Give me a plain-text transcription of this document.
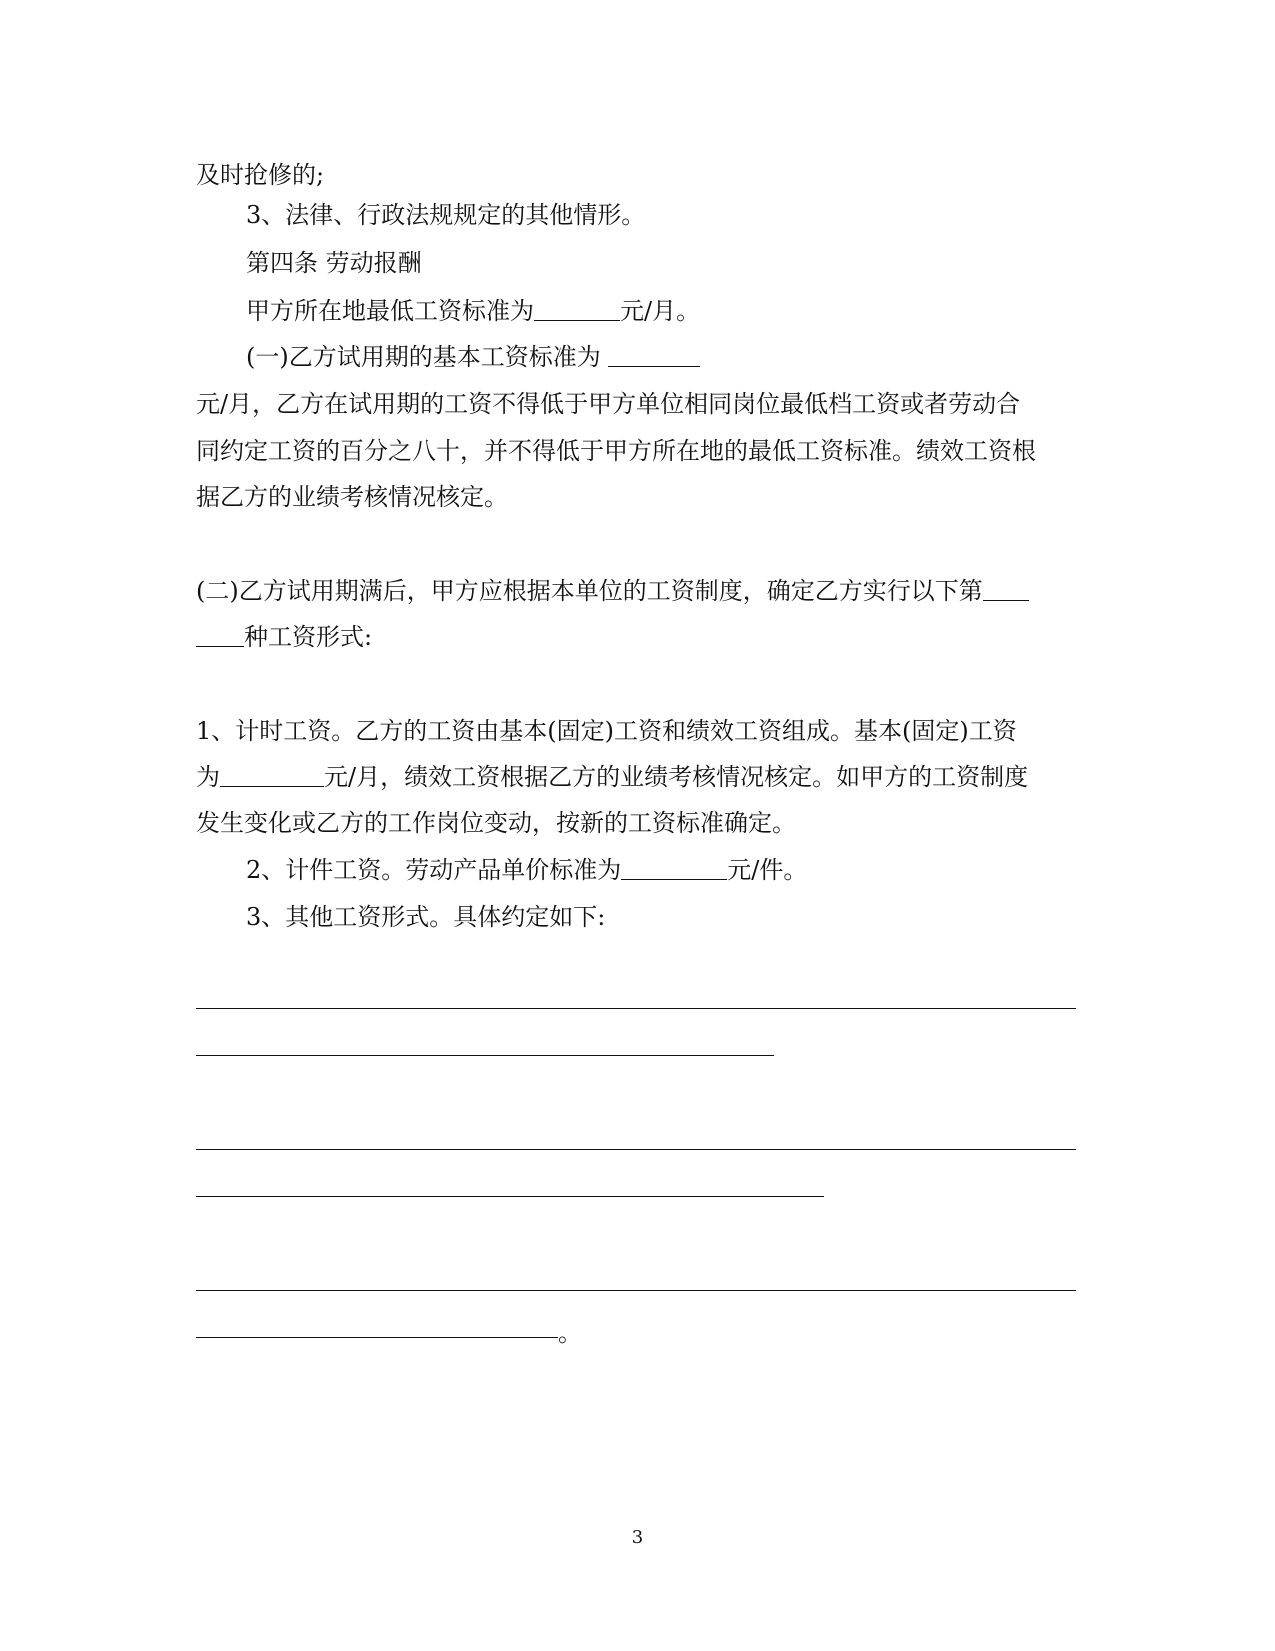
及时抢修的;
3、法律、行政法规规定的其他情形。
第四条 劳动报酬
甲方所在地最低工资标准为	元/月。
(一)乙方试用期的基本工资标准为
元/月，乙方在试用期的工资不得低于甲方单位相同岗位最低档工资或者劳动合
同约定工资的百分之八十，并不得低于甲方所在地的最低工资标准。绩效工资根
据乙方的业绩考核情况核定。
(二)乙方试用期满后，甲方应根据本单位的工资制度，确定乙方实行以下第
种工资形式:
1、计时工资。乙方的工资由基本(固定)工资和绩效工资组成。基本(固定)工资
为	元/月，绩效工资根据乙方的业绩考核情况核定。如甲方的工资制度
发生变化或乙方的工作岗位变动，按新的工资标准确定。
2、计件工资。劳动产品单价标准为	元/件。
3、其他工资形式。具体约定如下:
。
3
